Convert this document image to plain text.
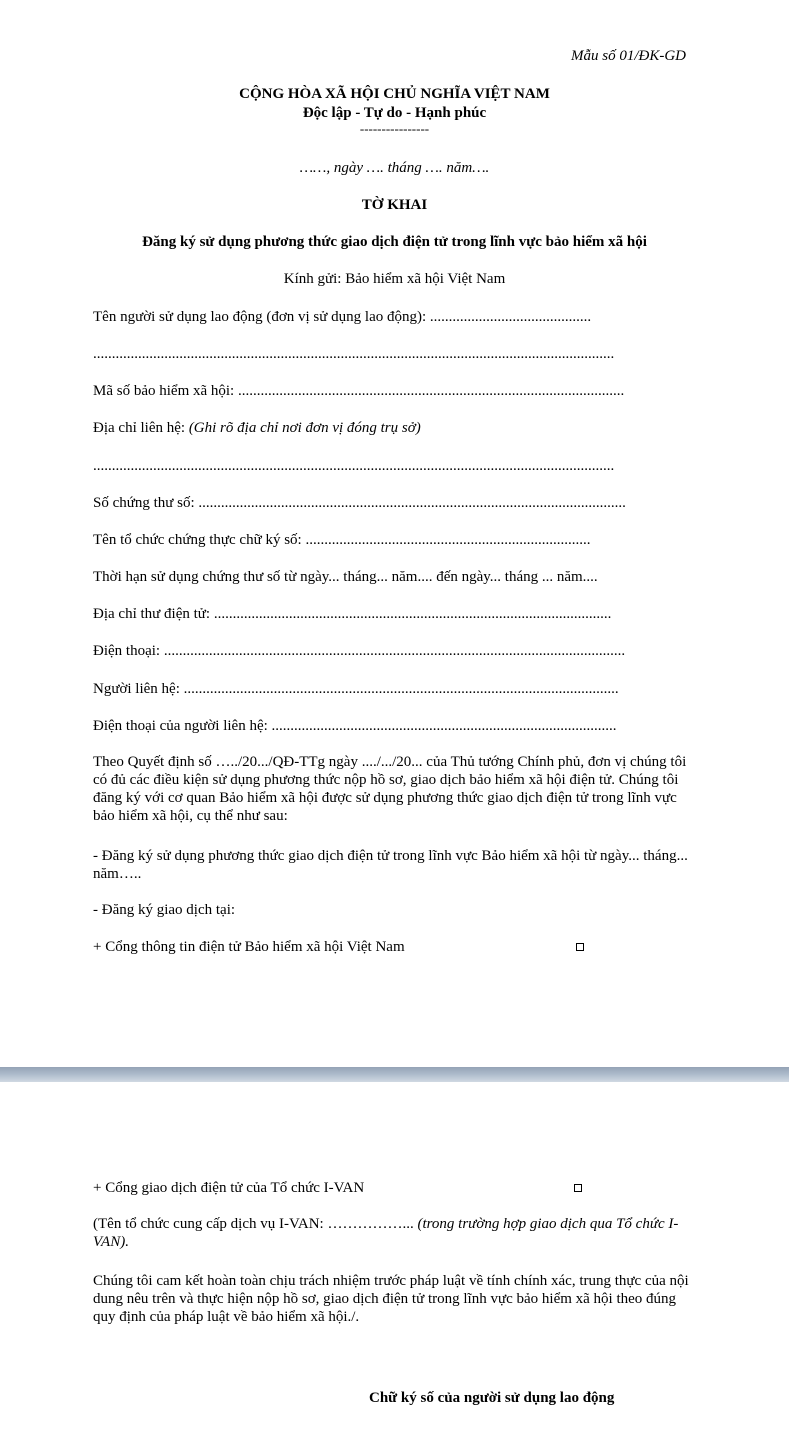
Mẫu số 01/ĐK-GD
CỘNG HÒA XÃ HỘI CHỦ NGHĨA VIỆT NAM
Độc lập - Tự do - Hạnh phúc
----------------
……, ngày …. tháng …. năm….
TỜ KHAI
Đăng ký sử dụng phương thức giao dịch điện tử trong lĩnh vực bảo hiểm xã hội
Kính gửi: Bảo hiểm xã hội Việt Nam
Tên người sử dụng lao động (đơn vị sử dụng lao động): ...........................................
...........................................................................................................................................
Mã số bảo hiểm xã hội: .......................................................................................................
Địa chỉ liên hệ: (Ghi rõ địa chỉ nơi đơn vị đóng trụ sở)
...........................................................................................................................................
Số chứng thư số: ..................................................................................................................
Tên tổ chức chứng thực chữ ký số: ............................................................................
Thời hạn sử dụng chứng thư số từ ngày... tháng... năm.... đến ngày... tháng ... năm....
Địa chỉ thư điện tử: ..........................................................................................................
Điện thoại: ...........................................................................................................................
Người liên hệ: ....................................................................................................................
Điện thoại của người liên hệ: ............................................................................................
Theo Quyết định số …../20.../QĐ-TTg ngày ..../.../20... của Thủ tướng Chính phủ, đơn vị chúng tôi có đủ các điều kiện sử dụng phương thức nộp hồ sơ, giao dịch bảo hiểm xã hội điện tử. Chúng tôi đăng ký với cơ quan Bảo hiểm xã hội được sử dụng phương thức giao dịch điện tử trong lĩnh vực bảo hiểm xã hội, cụ thể như sau:
- Đăng ký sử dụng phương thức giao dịch điện tử trong lĩnh vực Bảo hiểm xã hội từ ngày... tháng... năm…..
- Đăng ký giao dịch tại:
+ Cổng thông tin điện tử Bảo hiểm xã hội Việt Nam
+ Cổng giao dịch điện tử của Tổ chức I-VAN
(Tên tổ chức cung cấp dịch vụ I-VAN: ……………... (trong trường hợp giao dịch qua Tổ chức I-VAN).
Chúng tôi cam kết hoàn toàn chịu trách nhiệm trước pháp luật về tính chính xác, trung thực của nội dung nêu trên và thực hiện nộp hồ sơ, giao dịch điện tử trong lĩnh vực bảo hiểm xã hội theo đúng quy định của pháp luật về bảo hiểm xã hội./.
Chữ ký số của người sử dụng lao động
